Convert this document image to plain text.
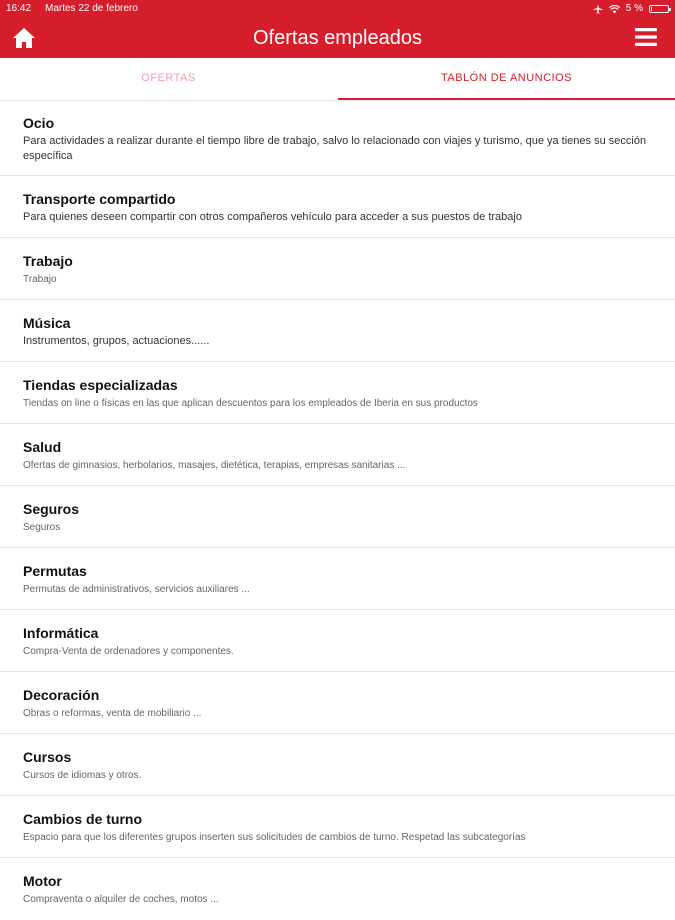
16:42 Martes 22 de febrero	5 %
Ofertas empleados
OFERTAS	TABLÓN DE ANUNCIOS
Ocio
Para actividades a realizar durante el tiempo libre de trabajo, salvo lo relacionado con viajes y turismo, que ya tienes su sección específica
Transporte compartido
Para quienes deseen compartir con otros compañeros vehículo para acceder a sus puestos de trabajo
Trabajo
Trabajo
Música
Instrumentos, grupos, actuaciones......
Tiendas especializadas
Tiendas on line o físicas en las que aplican descuentos para los empleados de Iberia en sus productos
Salud
Ofertas de gimnasios, herbolarios, masajes, dietética, terapias, empresas sanitarias ...
Seguros
Seguros
Permutas
Permutas de administrativos, servicios auxiliares ...
Informática
Compra-Venta de ordenadores y componentes.
Decoración
Obras o reformas, venta de mobiliario ...
Cursos
Cursos de idiomas y otros.
Cambios de turno
Espacio para que los diferentes grupos inserten sus solicitudes de cambios de turno. Respetad las subcategorías
Motor
Compraventa o alquiler de coches, motos ...
